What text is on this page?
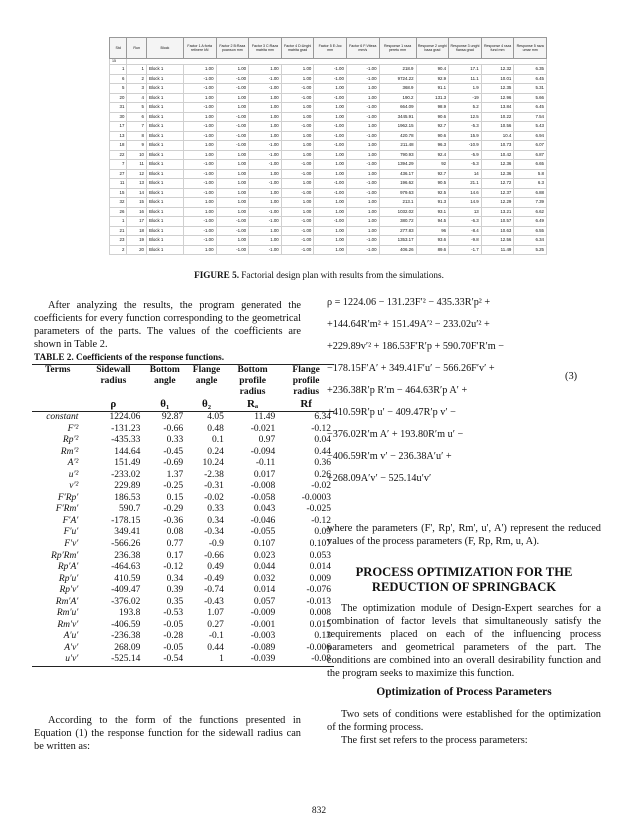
Std	Run	Block	Factor 1 A:forta retinere kN	Factor 2 B:Raza poanson mm	Factor 3 C:Raza matrita mm	Factor 4 D:Unghi matrita grad	Factor 5 E:Joc mm	Factor 6 F:Viteza mm/s	Response 1 raza peretu mm	Response 2 unghi baza grad	Response 3 unghi flansa grad	Response 4 raza fund mm	Response 5 raza umar mm
15													
1	1	Block 1	1.00	1.00	1.00	1.00	-1.00	-1.00	218.9	90.4	17.1	12.32	6.35
6	2	Block 1	-1.00	-1.00	-1.00	1.00	-1.00	-1.00	9724.22	92.9	11.1	10.01	6.45
5	3	Block 1	-1.00	-1.00	-1.00	-1.00	1.00	1.00	368.9	91.1	1.9	12.35	5.31
20	4	Block 1	1.00	1.00	1.00	-1.00	-1.00	1.00	190.2	131.3	-19	12.96	5.66
31	5	Block 1	-1.00	1.00	1.00	1.00	1.00	-1.00	664.09	98.9	5.2	13.84	6.45
30	6	Block 1	1.00	-1.00	1.00	1.00	1.00	-1.00	3445.91	90.6	12.5	10.22	7.54
17	7	Block 1	-1.00	-1.00	1.00	-1.00	-1.00	1.00	1962.15	92.7	-5.3	10.56	5.43
13	8	Block 1	-1.00	-1.00	1.00	1.00	-1.00	-1.00	420.78	90.6	15.9	10.4	6.94
18	9	Block 1	1.00	-1.00	-1.00	1.00	-1.00	1.00	211.48	96.3	-10.9	10.73	6.07
22	10	Block 1	1.00	1.00	-1.00	1.00	1.00	1.00	790.93	92.4	-5.9	10.42	6.87
7	11	Block 1	-1.00	1.00	-1.00	-1.00	1.00	-1.00	1394.29	92	-5.3	12.36	6.65
27	12	Block 1	-1.00	1.00	1.00	-1.00	1.00	1.00	436.17	92.7	14	12.36	5.8
11	13	Block 1	-1.00	1.00	-1.00	1.00	-1.00	-1.00	196.62	90.5	21.1	12.72	6.3
15	14	Block 1	-1.00	1.00	1.00	-1.00	-1.00	-1.00	979.63	92.5	14.6	12.37	6.88
32	15	Block 1	1.00	1.00	1.00	1.00	1.00	1.00	213.1	91.3	14.9	12.29	7.39
26	16	Block 1	1.00	1.00	-1.00	1.00	1.00	1.00	1032.02	93.1	13	13.21	6.62
1	17	Block 1	-1.00	-1.00	-1.00	-1.00	-1.00	1.00	380.72	94.5	-6.3	10.57	6.49
21	18	Block 1	-1.00	-1.00	1.00	-1.00	1.00	1.00	277.83	96	-8.4	10.63	6.55
23	19	Block 1	-1.00	1.00	1.00	-1.00	1.00	-1.00	1353.17	93.6	-9.8	12.56	6.34
2	20	Block 1	1.00	-1.00	-1.00	-1.00	1.00	-1.00	406.26	89.6	-1.7	11.49	5.25
FIGURE 5. Factorial design plan with results from the simulations.

After analyzing the results, the program generated the coefficients for every function corresponding to the geometrical parameters of the parts. The values of the coefficients are shown in Table 2.

TABLE 2. Coefficients of the response functions.
Terms	Sidewall radius	Bottom angle	Flange angle	Bottom profile radius	Flange profile radius
	ρ	θ₁	θ₂	Rₐ	Rf
constant	1224.06	92.87	4.05	11.49	6.34
F′²	-131.23	-0.66	0.48	-0.021	-0.12
Rp′²	-435.33	0.33	0.1	0.97	0.04
Rm′²	144.64	-0.45	0.24	-0.094	0.44
A′²	151.49	-0.69	10.24	-0.11	0.36
u′²	-233.02	1.37	-2.38	0.017	0.26
v′²	229.89	-0.25	-0.31	-0.008	-0.02
F′Rp′	186.53	0.15	-0.02	-0.058	-0.0003
F′Rm′	590.7	-0.29	0.33	0.043	-0.025
F′A′	-178.15	-0.36	0.34	-0.046	-0.12
F′u′	349.41	0.08	-0.34	-0.055	0.09
F′v′	-566.26	0.77	-0.9	0.107	0.107
Rp′Rm′	236.38	0.17	-0.66	0.023	0.053
Rp′A′	-464.63	-0.12	0.49	0.044	0.014
Rp′u′	410.59	0.34	-0.49	0.032	0.009
Rp′v′	-409.47	0.39	-0.74	0.014	-0.076
Rm′A′	-376.02	0.35	-0.43	0.057	-0.013
Rm′u′	193.8	-0.53	1.07	-0.009	0.008
Rm′v′	-406.59	-0.05	0.27	-0.001	0.015
A′u′	-236.38	-0.28	-0.1	-0.003	0.13
A′v′	268.09	-0.05	0.44	-0.089	-0.006
u′v′	-525.14	-0.54	1	-0.039	-0.08

According to the form of the functions presented in Equation (1) the response function for the sidewall radius can be written as:

ρ = 1224.06 − 131.23F′² − 435.33R′p² +
+144.64R′m² + 151.49A′² − 233.02u′² +
+229.89v′² + 186.53F′R′p + 590.70F′R′m −
−178.15F′A′ + 349.41F′u′ − 566.26F′v′ +
+236.38R′p R′m − 464.63R′p A′ +
+410.59R′p u′ − 409.47R′p v′ −
−376.02R′m A′ + 193.80R′m u′ −
−406.59R′m v′ − 236.38A′u′ +
+268.09A′v′ − 525.14u′v′
(3)

where the parameters (F', Rp', Rm', u', A') represent the reduced values of the process parameters (F, Rp, Rm, u, A).

PROCESS OPTIMIZATION FOR THE REDUCTION OF SPRINGBACK

The optimization module of Design-Expert searches for a combination of factor levels that simultaneously satisfy the requirements placed on each of the influencing process parameters and geometrical parameters of the part. The conditions are combined into an overall desirability function and the program seeks to maximize this function.

Optimization of Process Parameters

Two sets of conditions were established for the optimization of the forming process.

The first set refers to the process parameters:

832
